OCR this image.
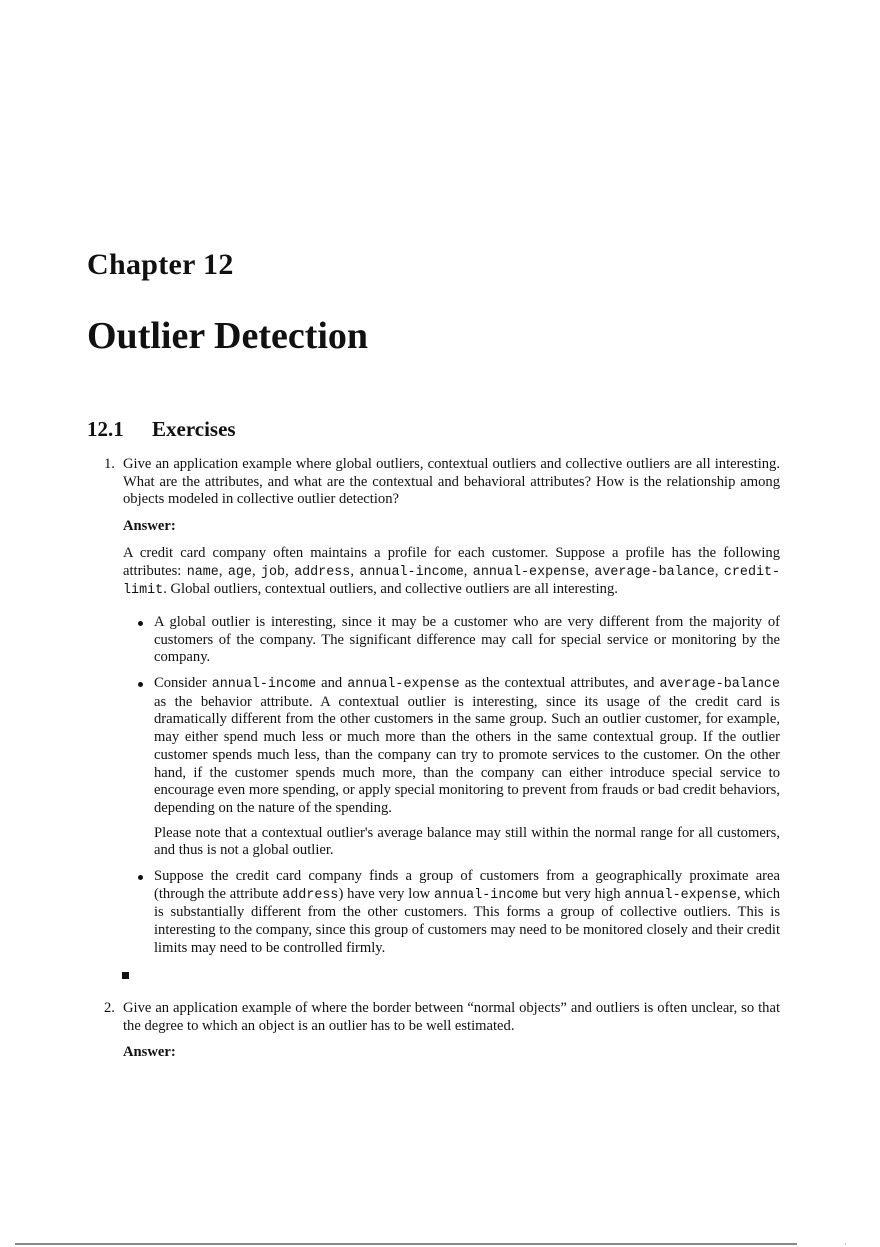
Chapter 12
Outlier Detection
12.1 Exercises
1. Give an application example where global outliers, contextual outliers and collective outliers are all interesting. What are the attributes, and what are the contextual and behavioral attributes? How is the relationship among objects modeled in collective outlier detection?
Answer:
A credit card company often maintains a profile for each customer. Suppose a profile has the following attributes: name, age, job, address, annual-income, annual-expense, average-balance, credit-limit. Global outliers, contextual outliers, and collective outliers are all interesting.
A global outlier is interesting, since it may be a customer who are very different from the majority of customers of the company. The significant difference may call for special service or monitoring by the company.
Consider annual-income and annual-expense as the contextual attributes, and average-balance as the behavior attribute. A contextual outlier is interesting, since its usage of the credit card is dramatically different from the other customers in the same group. Such an outlier customer, for example, may either spend much less or much more than the others in the same contextual group. If the outlier customer spends much less, than the company can try to promote services to the customer. On the other hand, if the customer spends much more, than the company can either introduce special service to encourage even more spending, or apply special monitoring to prevent from frauds or bad credit behaviors, depending on the nature of the spending.
Please note that a contextual outlier's average balance may still within the normal range for all customers, and thus is not a global outlier.
Suppose the credit card company finds a group of customers from a geographically proximate area (through the attribute address) have very low annual-income but very high annual-expense, which is substantially different from the other customers. This forms a group of collective outliers. This is interesting to the company, since this group of customers may need to be monitored closely and their credit limits may need to be controlled firmly.
2. Give an application example of where the border between “normal objects” and outliers is often unclear, so that the degree to which an object is an outlier has to be well estimated.
Answer:
